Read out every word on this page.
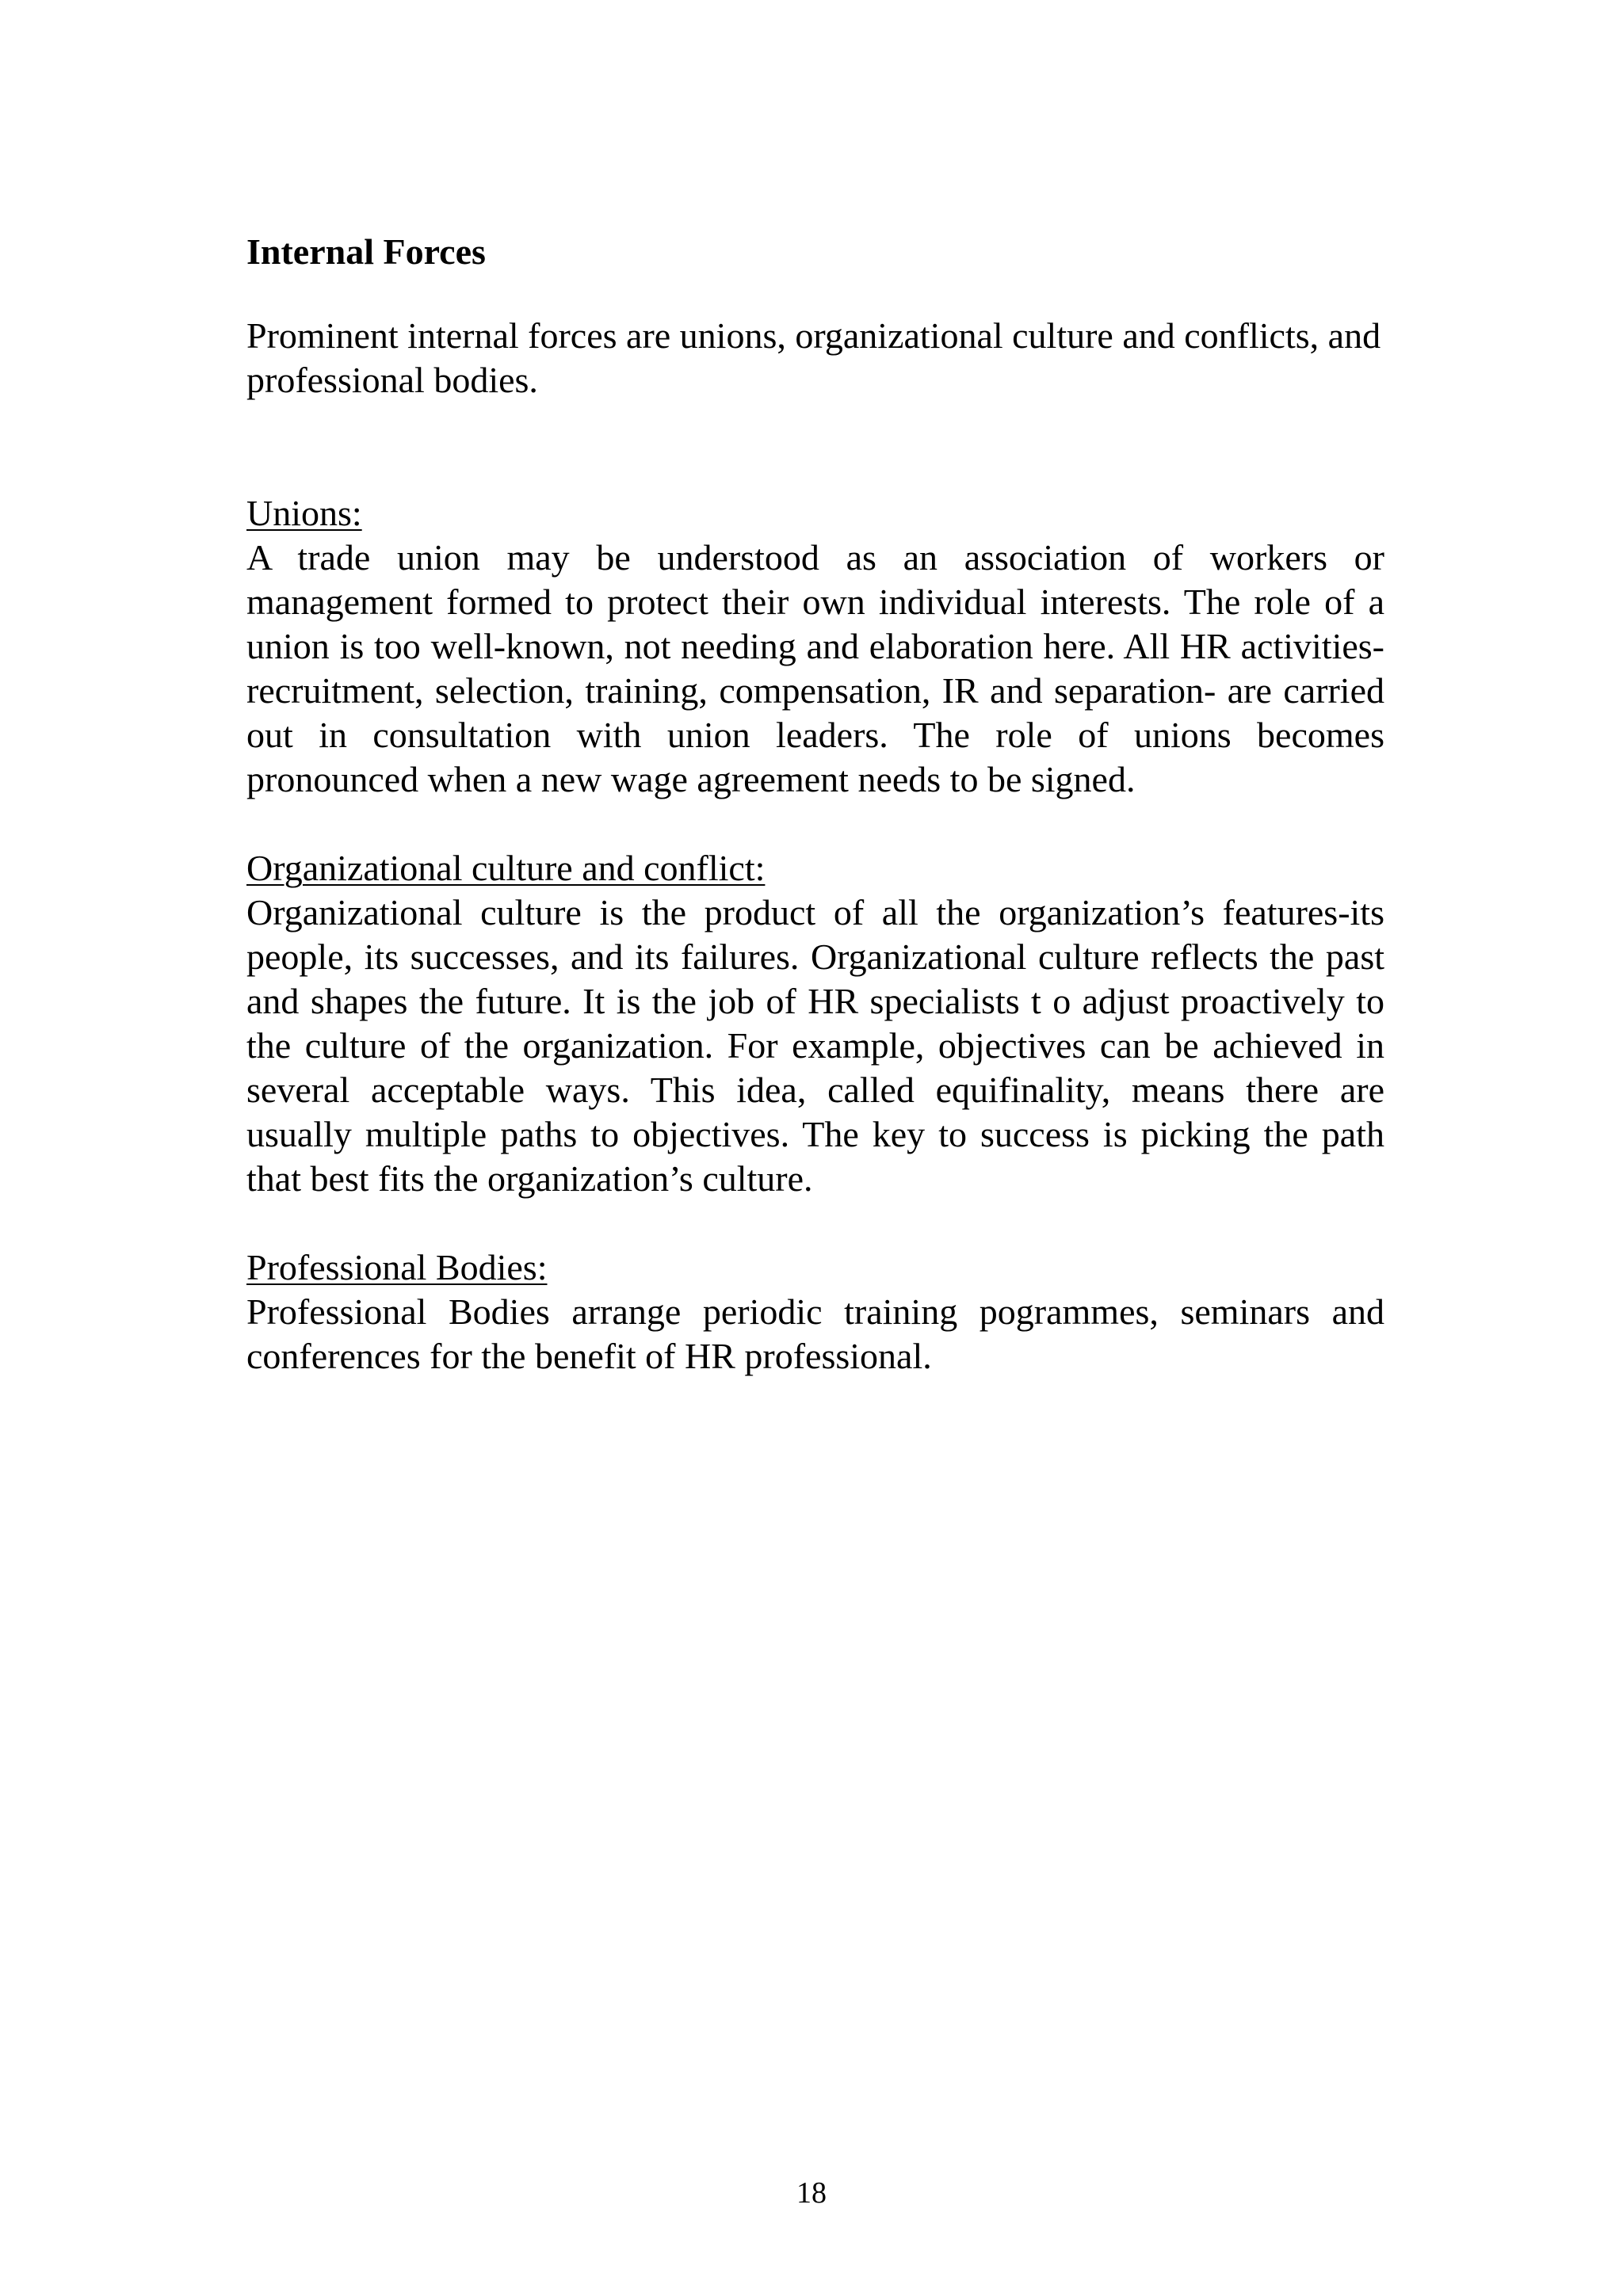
Internal Forces
Prominent internal forces are unions, organizational culture and conflicts, and professional bodies.
Unions:
A trade union may be understood as an association of workers or management formed to protect their own individual interests. The role of a union is too well-known, not needing and elaboration here. All HR activities- recruitment, selection, training, compensation, IR and separation- are carried out in consultation with union leaders. The role of unions becomes pronounced when a new wage agreement needs to be signed.
Organizational culture and conflict:
Organizational culture is the product of all the organization’s features-its people, its successes, and its failures. Organizational culture reflects the past and shapes the future. It is the job of HR specialists t o adjust proactively to the culture of the organization. For example, objectives can be achieved in several acceptable ways. This idea, called equifinality, means there are usually multiple paths to objectives. The key to success is picking the path that best fits the organization’s culture.
Professional Bodies:
Professional Bodies arrange periodic training pogrammes, seminars and conferences for the benefit of HR professional.
18
